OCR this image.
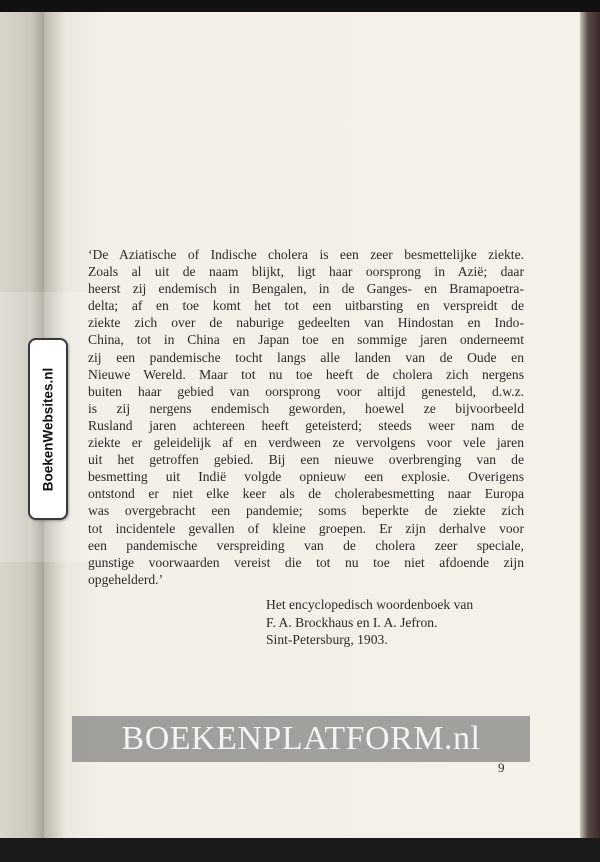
‘De Aziatische of Indische cholera is een zeer besmettelijke ziekte.
Zoals al uit de naam blijkt, ligt haar oorsprong in Azië; daar
heerst zij endemisch in Bengalen, in de Ganges- en Bramapoetra-
delta; af en toe komt het tot een uitbarsting en verspreidt de
ziekte zich over de naburige gedeelten van Hindostan en Indo-
China, tot in China en Japan toe en sommige jaren onderneemt
zij een pandemische tocht langs alle landen van de Oude en
Nieuwe Wereld. Maar tot nu toe heeft de cholera zich nergens
buiten haar gebied van oorsprong voor altijd genesteld, d.w.z.
is zij nergens endemisch geworden, hoewel ze bijvoorbeeld
Rusland jaren achtereen heeft geteisterd; steeds weer nam de
ziekte er geleidelijk af en verdween ze vervolgens voor vele jaren
uit het getroffen gebied. Bij een nieuwe overbrenging van de
besmetting uit Indië volgde opnieuw een explosie. Overigens
ontstond er niet elke keer als de cholerabesmetting naar Europa
was overgebracht een pandemie; soms beperkte de ziekte zich
tot incidentele gevallen of kleine groepen. Er zijn derhalve voor
een pandemische verspreiding van de cholera zeer speciale,
gunstige voorwaarden vereist die tot nu toe niet afdoende zijn
opgehelderd.’
Het encyclopedisch woordenboek van
F. A. Brockhaus en I. A. Jefron.
Sint-Petersburg, 1903.
BOEKENPLATFORM.nl
9
BoekenWebsites.nl
